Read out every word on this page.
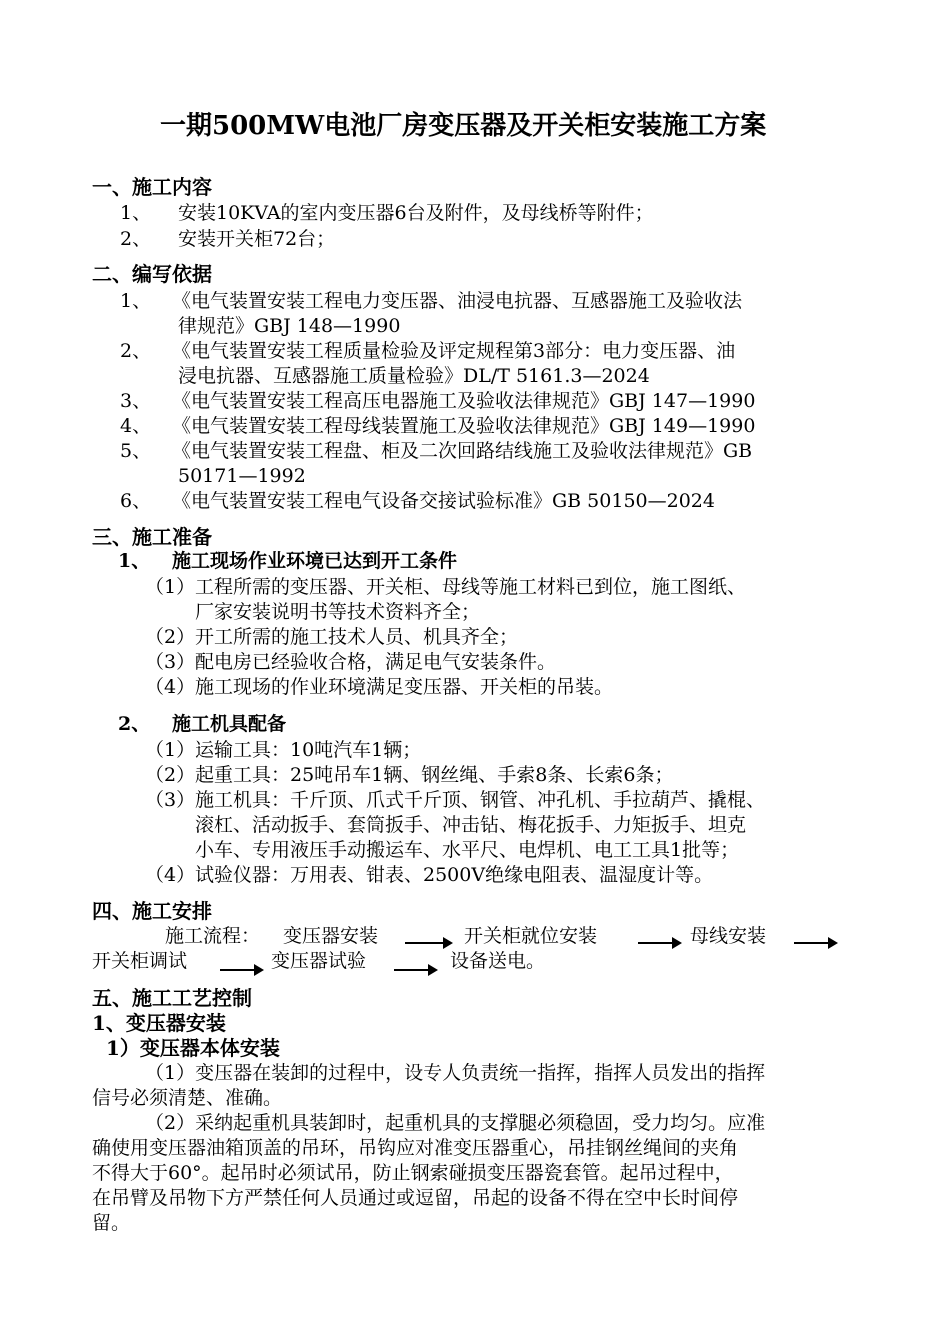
一期500MW电池厂房变压器及开关柜安装施工方案
一、施工内容
1、 安装10KVA的室内变压器6台及附件，及母线桥等附件；
2、 安装开关柜72台；
二、编写依据
1、 《电气装置安装工程电力变压器、油浸电抗器、互感器施工及验收法
律规范》GBJ 148—1990
2、 《电气装置安装工程质量检验及评定规程第3部分：电力变压器、油
浸电抗器、互感器施工质量检验》DL/T 5161.3—2024
3、 《电气装置安装工程高压电器施工及验收法律规范》GBJ 147—1990
4、 《电气装置安装工程母线装置施工及验收法律规范》GBJ 149—1990
5、 《电气装置安装工程盘、柜及二次回路结线施工及验收法律规范》GB
50171—1992
6、 《电气装置安装工程电气设备交接试验标准》GB 50150—2024
三、施工准备
1、 施工现场作业环境已达到开工条件
（1） 工程所需的变压器、开关柜、母线等施工材料已到位，施工图纸、
厂家安装说明书等技术资料齐全；
（2） 开工所需的施工技术人员、机具齐全；
（3） 配电房已经验收合格，满足电气安装条件。
（4） 施工现场的作业环境满足变压器、开关柜的吊装。
2、 施工机具配备
（1） 运输工具：10吨汽车1辆；
（2） 起重工具：25吨吊车1辆、钢丝绳、手索8条、长索6条；
（3） 施工机具：千斤顶、爪式千斤顶、钢管、冲孔机、手拉葫芦、撬棍、
滚杠、活动扳手、套筒扳手、冲击钻、梅花扳手、力矩扳手、坦克
小车、专用液压手动搬运车、水平尺、电焊机、电工工具1批等；
（4） 试验仪器：万用表、钳表、2500V绝缘电阻表、温湿度计等。
四、施工安排
施工流程： 变压器安装	开关柜就位安装	母线安装
开关柜调试	变压器试验	设备送电。
五、施工工艺控制
1、变压器安装
1）变压器本体安装
（1）变压器在装卸的过程中，设专人负责统一指挥，指挥人员发出的指挥
信号必须清楚、准确。
（2）采纳起重机具装卸时，起重机具的支撑腿必须稳固，受力均匀。应准
确使用变压器油箱顶盖的吊环，吊钩应对准变压器重心，吊挂钢丝绳间的夹角
不得大于60°。起吊时必须试吊，防止钢索碰损变压器瓷套管。起吊过程中，
在吊臂及吊物下方严禁任何人员通过或逗留，吊起的设备不得在空中长时间停
留。
